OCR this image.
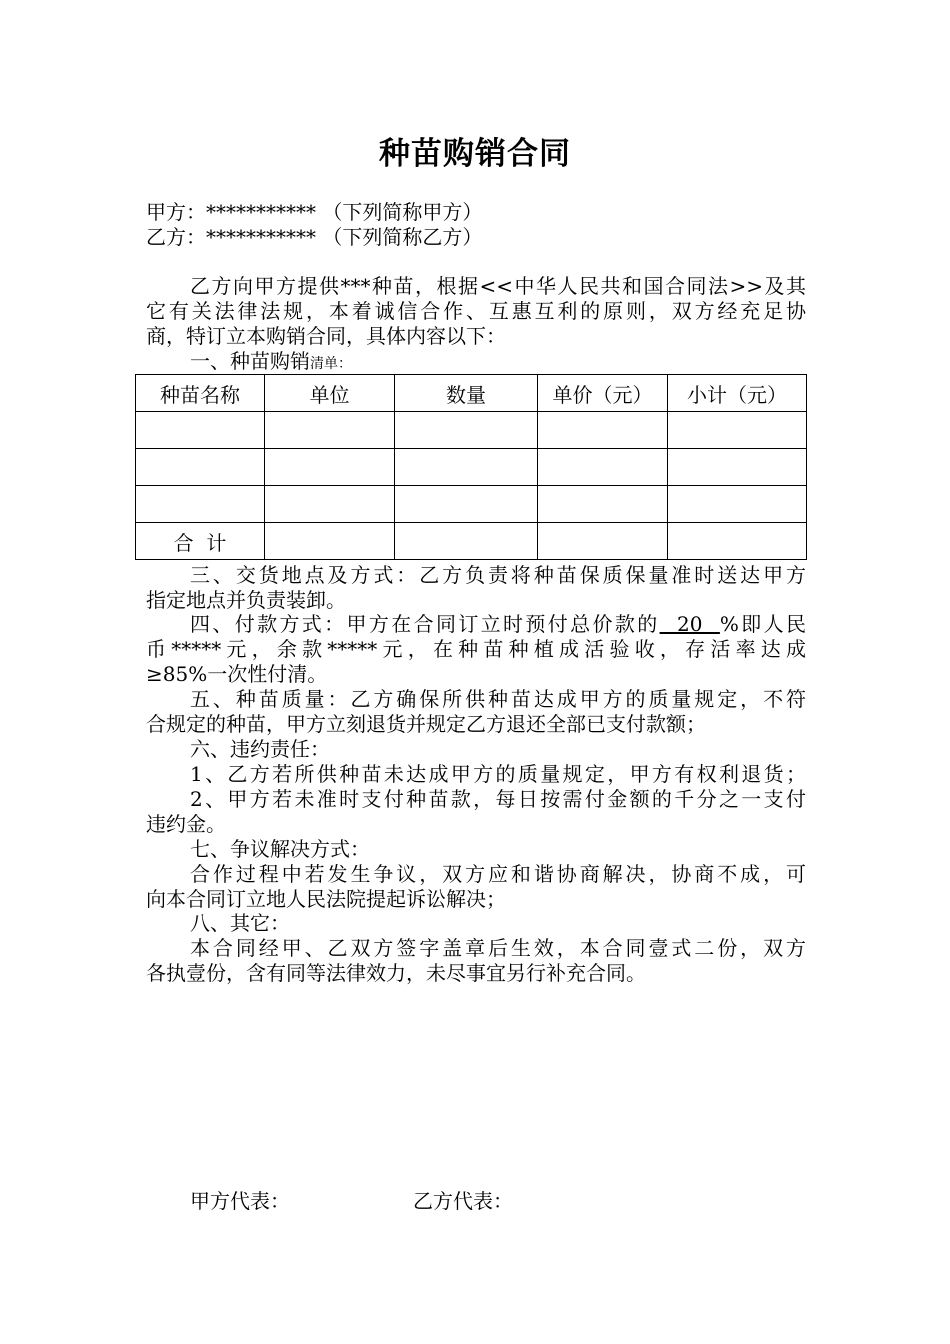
种苗购销合同
甲方：*********** （下列简称甲方）
乙方：*********** （下列简称乙方）
乙方向甲方提供***种苗，根据<<中华人民共和国合同法>>及其
它有关法律法规，本着诚信合作、互惠互利的原则，双方经充足协
商，特订立本购销合同，具体内容以下：
一、种苗购销清单：
种苗名称	单位	数量	单价（元）	小计（元）

合  计				
三、交货地点及方式：乙方负责将种苗保质保量准时送达甲方
指定地点并负责装卸。
四、付款方式：甲方在合同订立时预付总价款的  20  %即人民
币*****元，余款*****元，在种苗种植成活验收，存活率达成
≥85%一次性付清。
五、种苗质量：乙方确保所供种苗达成甲方的质量规定，不符
合规定的种苗，甲方立刻退货并规定乙方退还全部已支付款额；
六、违约责任：
1、乙方若所供种苗未达成甲方的质量规定，甲方有权利退货；
2、甲方若未准时支付种苗款，每日按需付金额的千分之一支付
违约金。
七、争议解决方式：
合作过程中若发生争议，双方应和谐协商解决，协商不成，可
向本合同订立地人民法院提起诉讼解决；
八、其它：
本合同经甲、乙双方签字盖章后生效，本合同壹式二份，双方
各执壹份，含有同等法律效力，未尽事宜另行补充合同。
甲方代表：	乙方代表：
